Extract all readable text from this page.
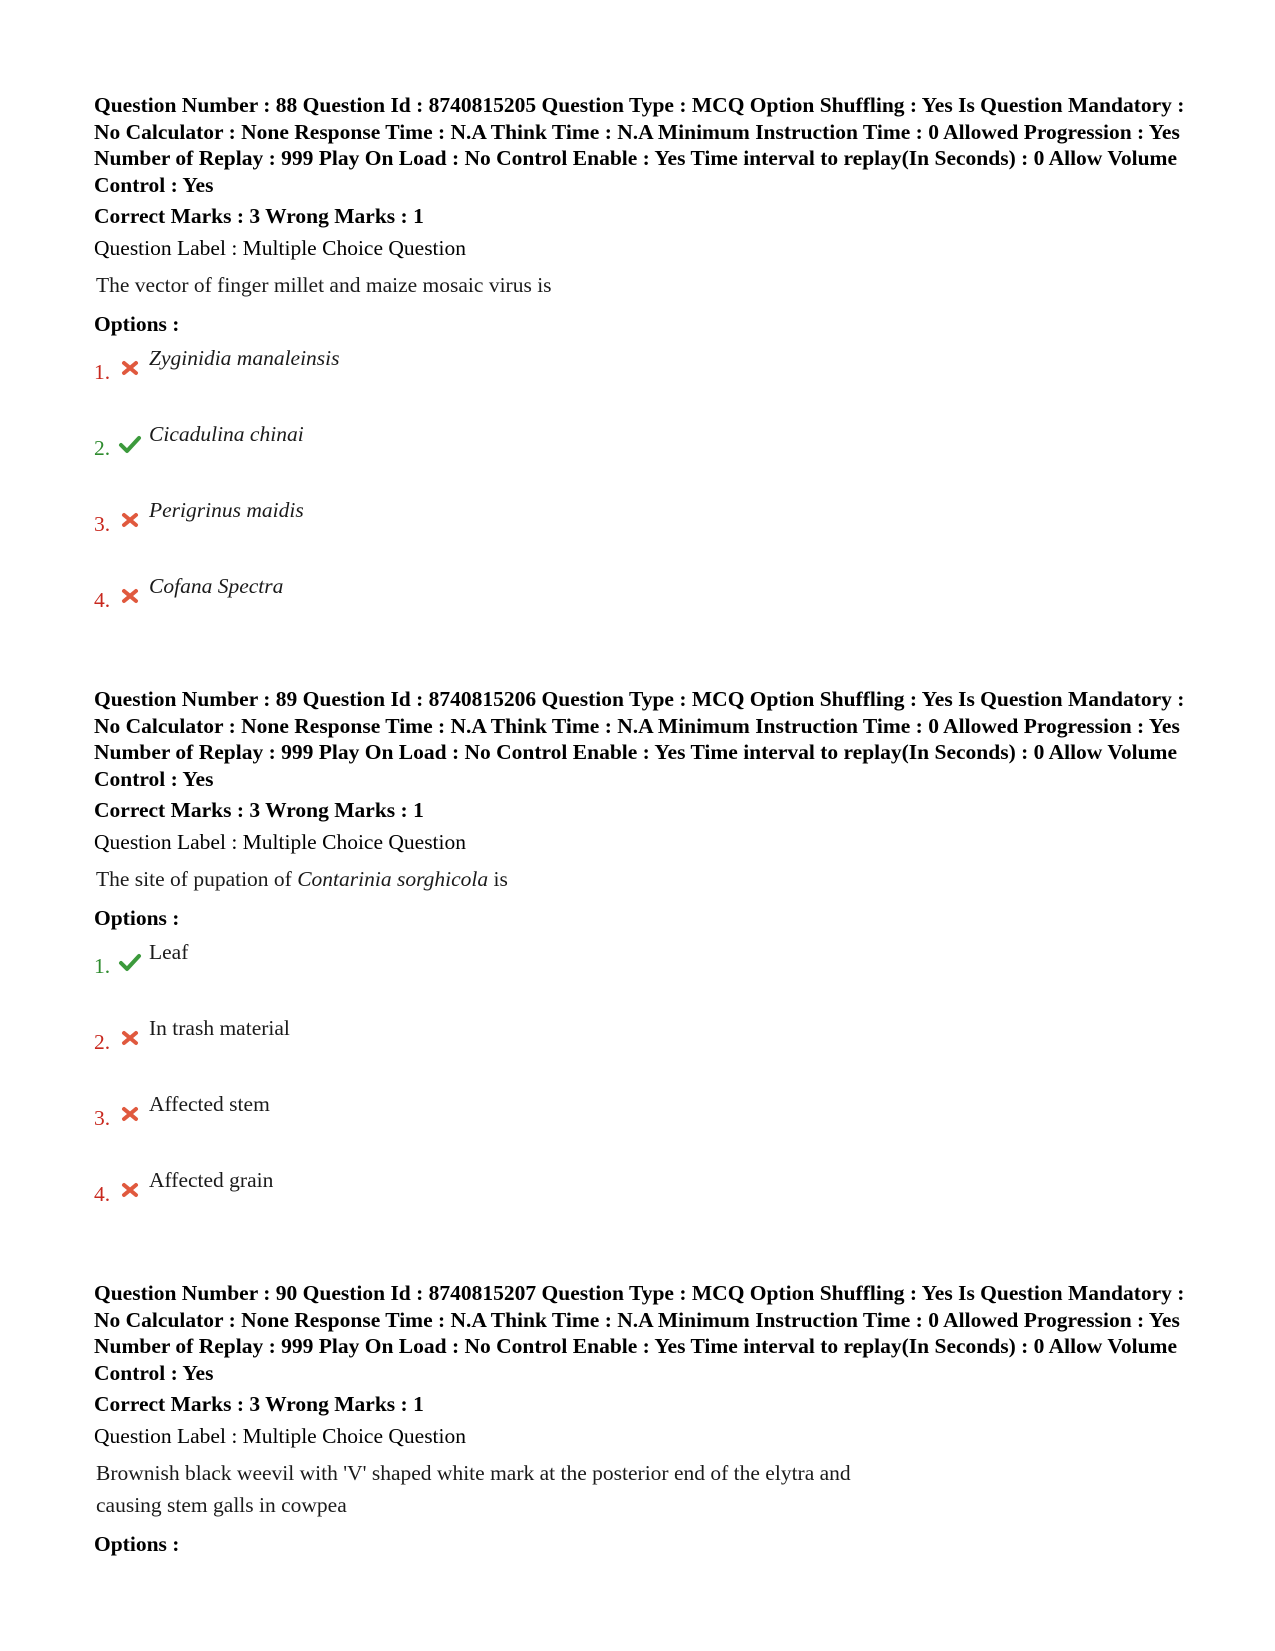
Question Number : 88 Question Id : 8740815205 Question Type : MCQ Option Shuffling : Yes Is Question Mandatory : No Calculator : None Response Time : N.A Think Time : N.A Minimum Instruction Time : 0 Allowed Progression : Yes Number of Replay : 999 Play On Load : No Control Enable : Yes Time interval to replay(In Seconds) : 0 Allow Volume Control : Yes

Correct Marks : 3 Wrong Marks : 1
Question Label : Multiple Choice Question
The vector of finger millet and maize mosaic virus is
Options :
1.
Zyginidia manaleinsis
2.
Cicadulina chinai
3.
Perigrinus maidis
4.
Cofana Spectra

Question Number : 89 Question Id : 8740815206 Question Type : MCQ Option Shuffling : Yes Is Question Mandatory : No Calculator : None Response Time : N.A Think Time : N.A Minimum Instruction Time : 0 Allowed Progression : Yes Number of Replay : 999 Play On Load : No Control Enable : Yes Time interval to replay(In Seconds) : 0 Allow Volume Control : Yes

Correct Marks : 3 Wrong Marks : 1
Question Label : Multiple Choice Question
The site of pupation of Contarinia sorghicola is
Options :
1.
Leaf
2.
In trash material
3.
Affected stem
4.
Affected grain

Question Number : 90 Question Id : 8740815207 Question Type : MCQ Option Shuffling : Yes Is Question Mandatory : No Calculator : None Response Time : N.A Think Time : N.A Minimum Instruction Time : 0 Allowed Progression : Yes Number of Replay : 999 Play On Load : No Control Enable : Yes Time interval to replay(In Seconds) : 0 Allow Volume Control : Yes

Correct Marks : 3 Wrong Marks : 1
Question Label : Multiple Choice Question
Brownish black weevil with 'V' shaped white mark at the posterior end of the elytra and
causing stem galls in cowpea
Options :
